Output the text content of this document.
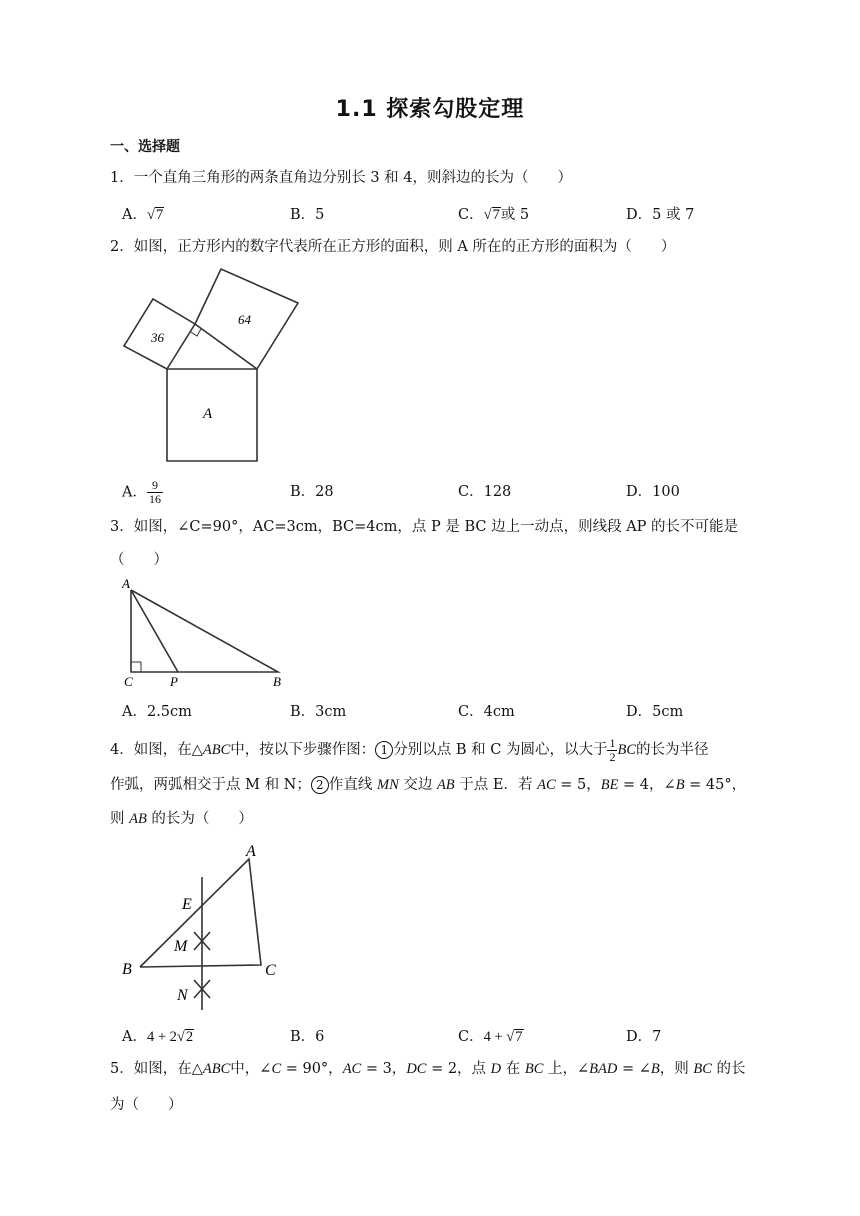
1.1 探索勾股定理
一、选择题
1．一个直角三角形的两条直角边分别长 3 和 4，则斜边的长为（　　）
A．√7	B．5	C．√7或 5	D．5 或 7
2．如图，正方形内的数字代表所在正方形的面积，则 A 所在的正方形的面积为（　　）
36
64
A
A． $\frac{9}{16}$	B．28	C．128	D．100
3．如图，∠C=90°，AC=3cm，BC=4cm，点 P 是 BC 边上一动点，则线段 AP 的长不可能是
（　　）
A
C	P	B
A．2.5cm	B．3cm	C．4cm	D．5cm
4．如图，在△ABC中，按以下步骤作图： 1 分别以点 B 和 C 为圆心，以大于 $\frac{1}{2}$ BC的长为半径
作弧，两弧相交于点 M 和 N； 2 作直线 MN 交边 AB 于点 E．若 AC = 5，BE = 4，∠B = 45°，
则 AB 的长为（　　）
A
E
M
B	C
N
A．4 + 2√2	B．6	C．4 + √7	D．7
5．如图，在△ABC中，∠C = 90°，AC = 3，DC = 2，点 D 在 BC 上，∠BAD = ∠B，则 BC 的长
为（　　）
